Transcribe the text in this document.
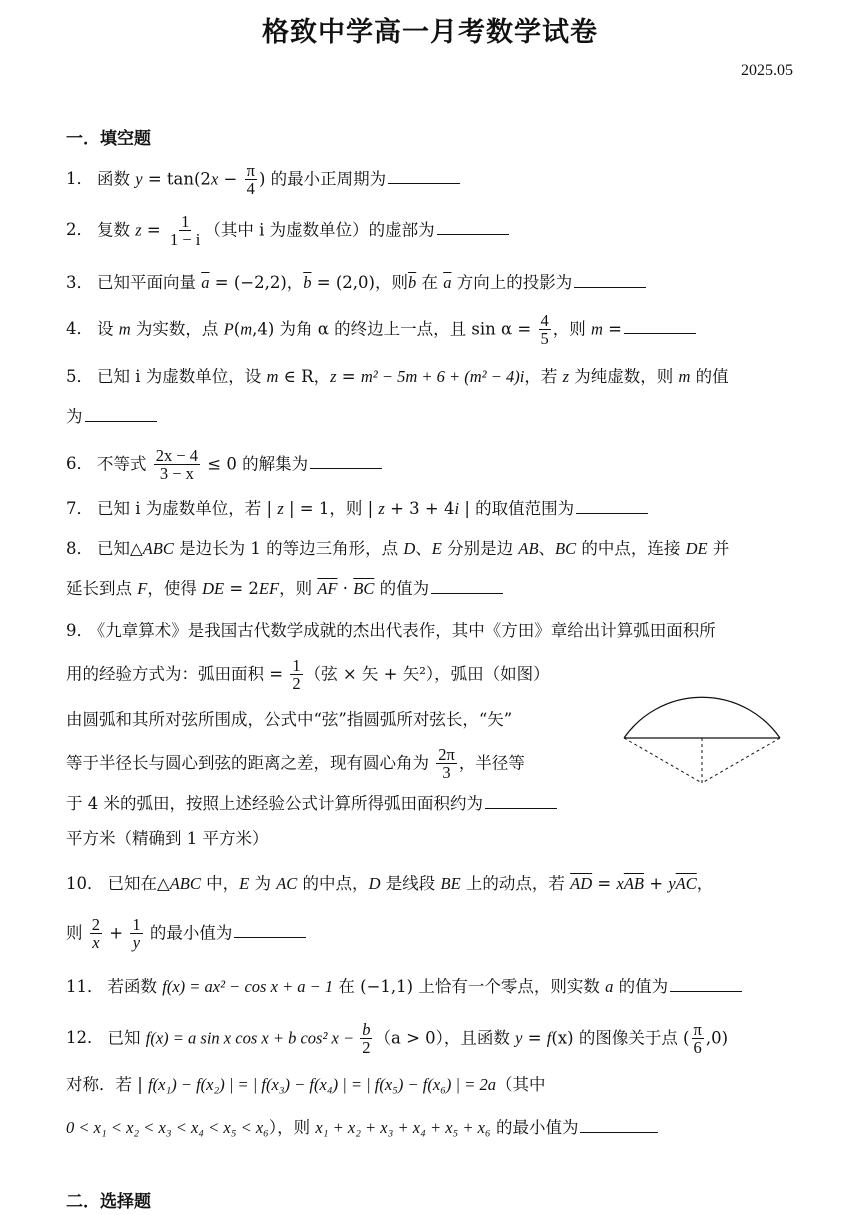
格致中学高一月考数学试卷
2025.05
一．填空题
1． 函数 $y = \tan(2x - \frac{\pi}{4}$ ) 的最小正周期为
2． 复数 $z = \frac{1}{1 - i}$ （其中 i 为虚数单位）的虚部为
3． 已知平面向量 $\overline{a} = (-2,2)$，$\overline{b} = (2,0)$，则$\overline{b}$ 在 $\overline{a}$ 方向上的投影为
4． 设 m 为实数，点 P(m,4) 为角 α 的终边上一点，且 $\sin \alpha = \frac{4}{5}$ ，则 m =
5． 已知 i 为虚数单位，设 m ∈ R，z = m² − 5m + 6 + (m² − 4)i，若 z 为纯虚数，则 m 的值
为
6． 不等式 $\frac{2x - 4}{3 - x} \le 0$ 的解集为
7． 已知 i 为虚数单位，若 | z | = 1，则 | z + 3 + 4i | 的取值范围为
8． 已知△ABC 是边长为 1 的等边三角形，点 D、E 分别是边 AB、BC 的中点，连接 DE 并
延长到点 F，使得 DE = 2EF，则 $\overline{AF} \cdot \overline{BC}$ 的值为
9． 《九章算术》是我国古代数学成就的杰出代表作，其中《方田》章给出计算弧田面积所
用的经验方式为：弧田面积 = $\frac{1}{2}$ （弦 × 矢 + 矢²），弧田（如图）
由圆弧和其所对弦所围成，公式中“弦”指圆弧所对弦长，“矢”
等于半径长与圆心到弦的距离之差，现有圆心角为 $\frac{2\pi}{3}$ ，半径等
于 4 米的弧田，按照上述经验公式计算所得弧田面积约为
平方米（精确到 1 平方米）
10． 已知在△ABC 中，E 为 AC 的中点，D 是线段 BE 上的动点，若 $\overline{AD} = x\overline{AB} + y\overline{AC}$，
则 $\frac{2}{x} + \frac{1}{y}$ 的最小值为
11． 若函数 f(x) = ax² − cos x + a − 1 在 (−1,1) 上恰有一个零点，则实数 a 的值为
12． 已知 f(x) = a sin x cos x + b cos² $x - \frac{b}{2} (a > 0)$，且函数 y = f(x) 的图像关于点 ( $\frac{\pi}{6} ,0$)
对称．若 | f(x₁) − f(x₂) | = | f(x₃) − f(x₄) | = | f(x₅) − f(x₆) | = 2a（其中
0 < x₁ < x₂ < x₃ < x₄ < x₅ < x₆），则 x₁ + x₂ + x₃ + x₄ + x₅ + x₆ 的最小值为
二．选择题
